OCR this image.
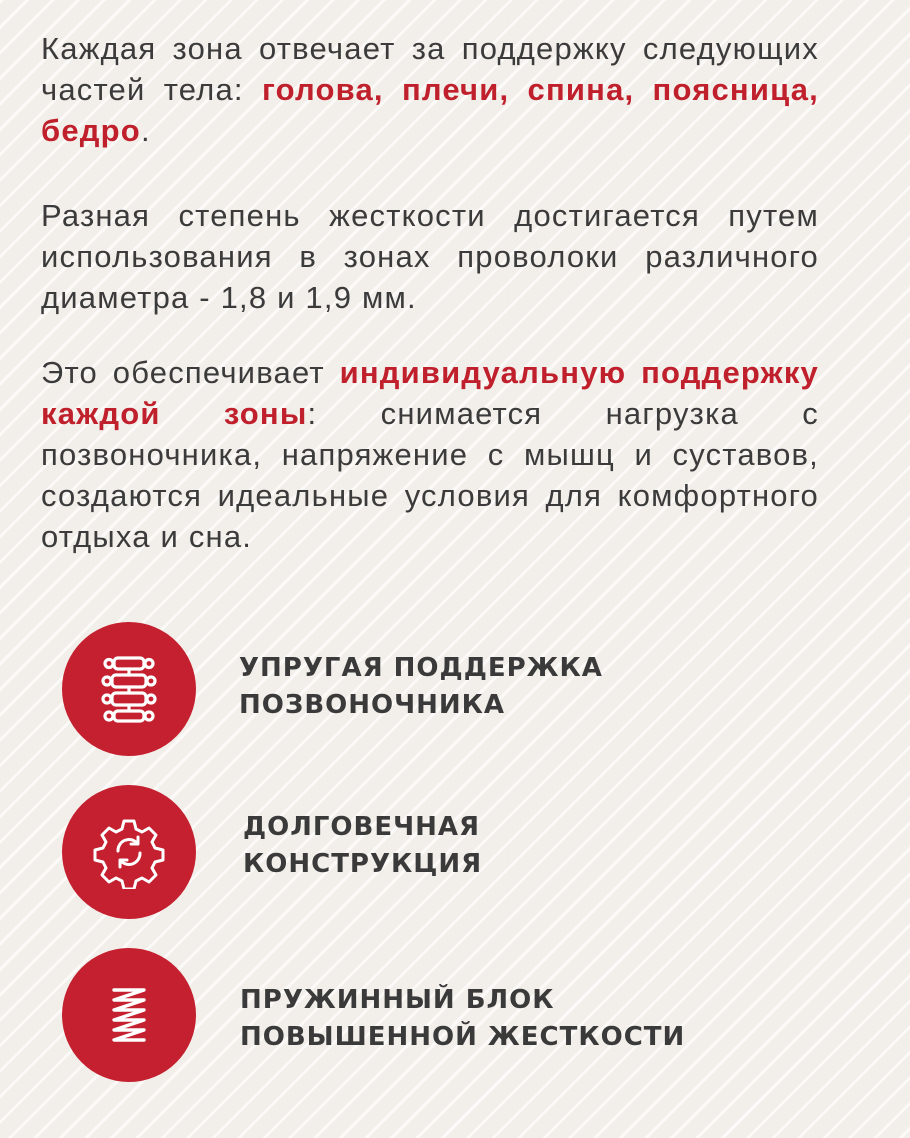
Каждая зона отвечает за поддержку следующих частей тела: голова, плечи, спина, поясница, бедро.

Разная степень жесткости достигается путем использования в зонах проволоки различного диаметра - 1,8 и 1,9 мм.

Это обеспечивает индивидуальную поддержку каждой зоны: снимается нагрузка с позвоночника, напряжение с мышц и суставов, создаются идеальные условия для комфортного отдыха и сна.

УПРУГАЯ ПОДДЕРЖКА
ПОЗВОНОЧНИКА
ДОЛГОВЕЧНАЯ
КОНСТРУКЦИЯ
ПРУЖИННЫЙ БЛОК
ПОВЫШЕННОЙ ЖЕСТКОСТИ
